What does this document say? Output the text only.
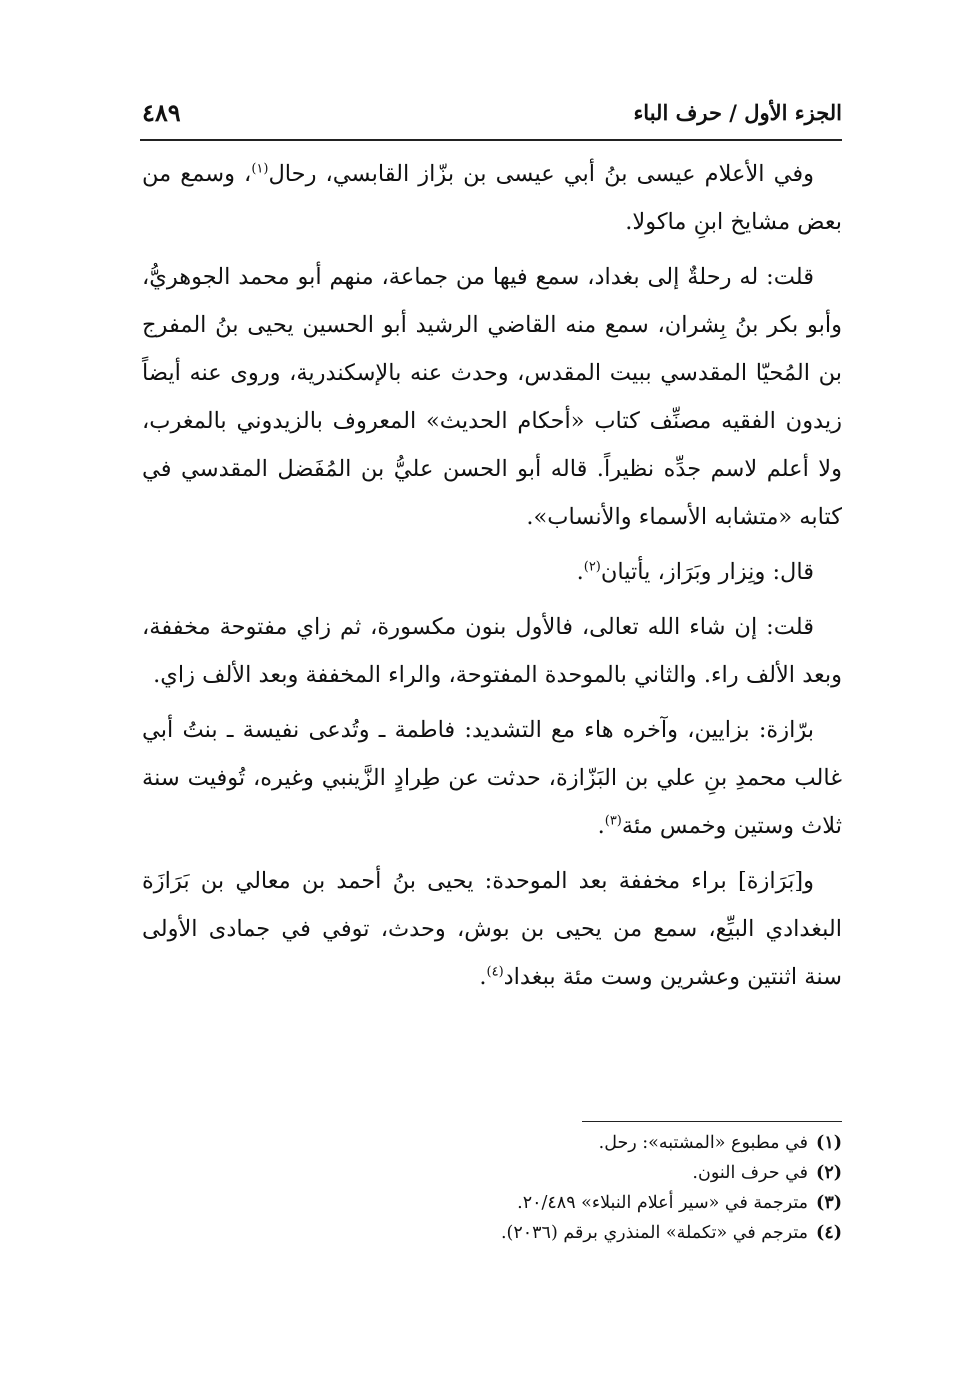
الجزء الأول / حرف الباء
٤٨٩

وفي الأعلام عيسى بنُ أبي عيسى بن بزّاز القابسي، رحال$^{(١)}$، وسمع من بعض مشايخ ابنِ ماكولا.

قلت: له رحلةٌ إلى بغداد، سمع فيها من جماعة، منهم أبو محمد الجوهريُّ، وأبو بكر بنُ بِشران، سمع منه القاضي الرشيد أبو الحسين يحيى بنُ المفرج بن المُحيّا المقدسي ببيت المقدس، وحدث عنه بالإسكندرية، وروى عنه أيضاً زيدون الفقيه مصنِّف كتاب «أحكام الحديث» المعروف بالزيدوني بالمغرب، ولا أعلم لاسم جدِّه نظيراً. قاله أبو الحسن عليُّ بن المُفَضل المقدسي في كتابه «متشابه الأسماء والأنساب».

قال: ونِزار وبَرَاز، يأتيان$^{(٢)}$.

قلت: إن شاء الله تعالى، فالأول بنون مكسورة، ثم زاي مفتوحة مخففة، وبعد الألف راء. والثاني بالموحدة المفتوحة، والراء المخففة وبعد الألف زاي.

برّازة: بزايين، وآخره هاء مع التشديد: فاطمة ـ وتُدعى نفيسة ـ بنتُ أبي غالب محمدِ بنِ علي بن البَزّازة، حدثت عن طِرادٍ الزَّينبي وغيره، تُوفيت سنة ثلاث وستين وخمس مئة$^{(٣)}$.

و[بَرَازة] براء مخففة بعد الموحدة: يحيى بنُ أحمد بن معالي بن بَرَازَة البغدادي البيِّع، سمع من يحيى بن بوش، وحدث، توفي في جمادى الأولى سنة اثنتين وعشرين وست مئة ببغداد$^{(٤)}$.

(١)في مطبوع «المشتبه»: رحل.
(٢)في حرف النون.
(٣)مترجمة في «سير أعلام النبلاء» ٢٠/٤٨٩.
(٤)مترجم في «تكملة» المنذري برقم (٢٠٣٦).
